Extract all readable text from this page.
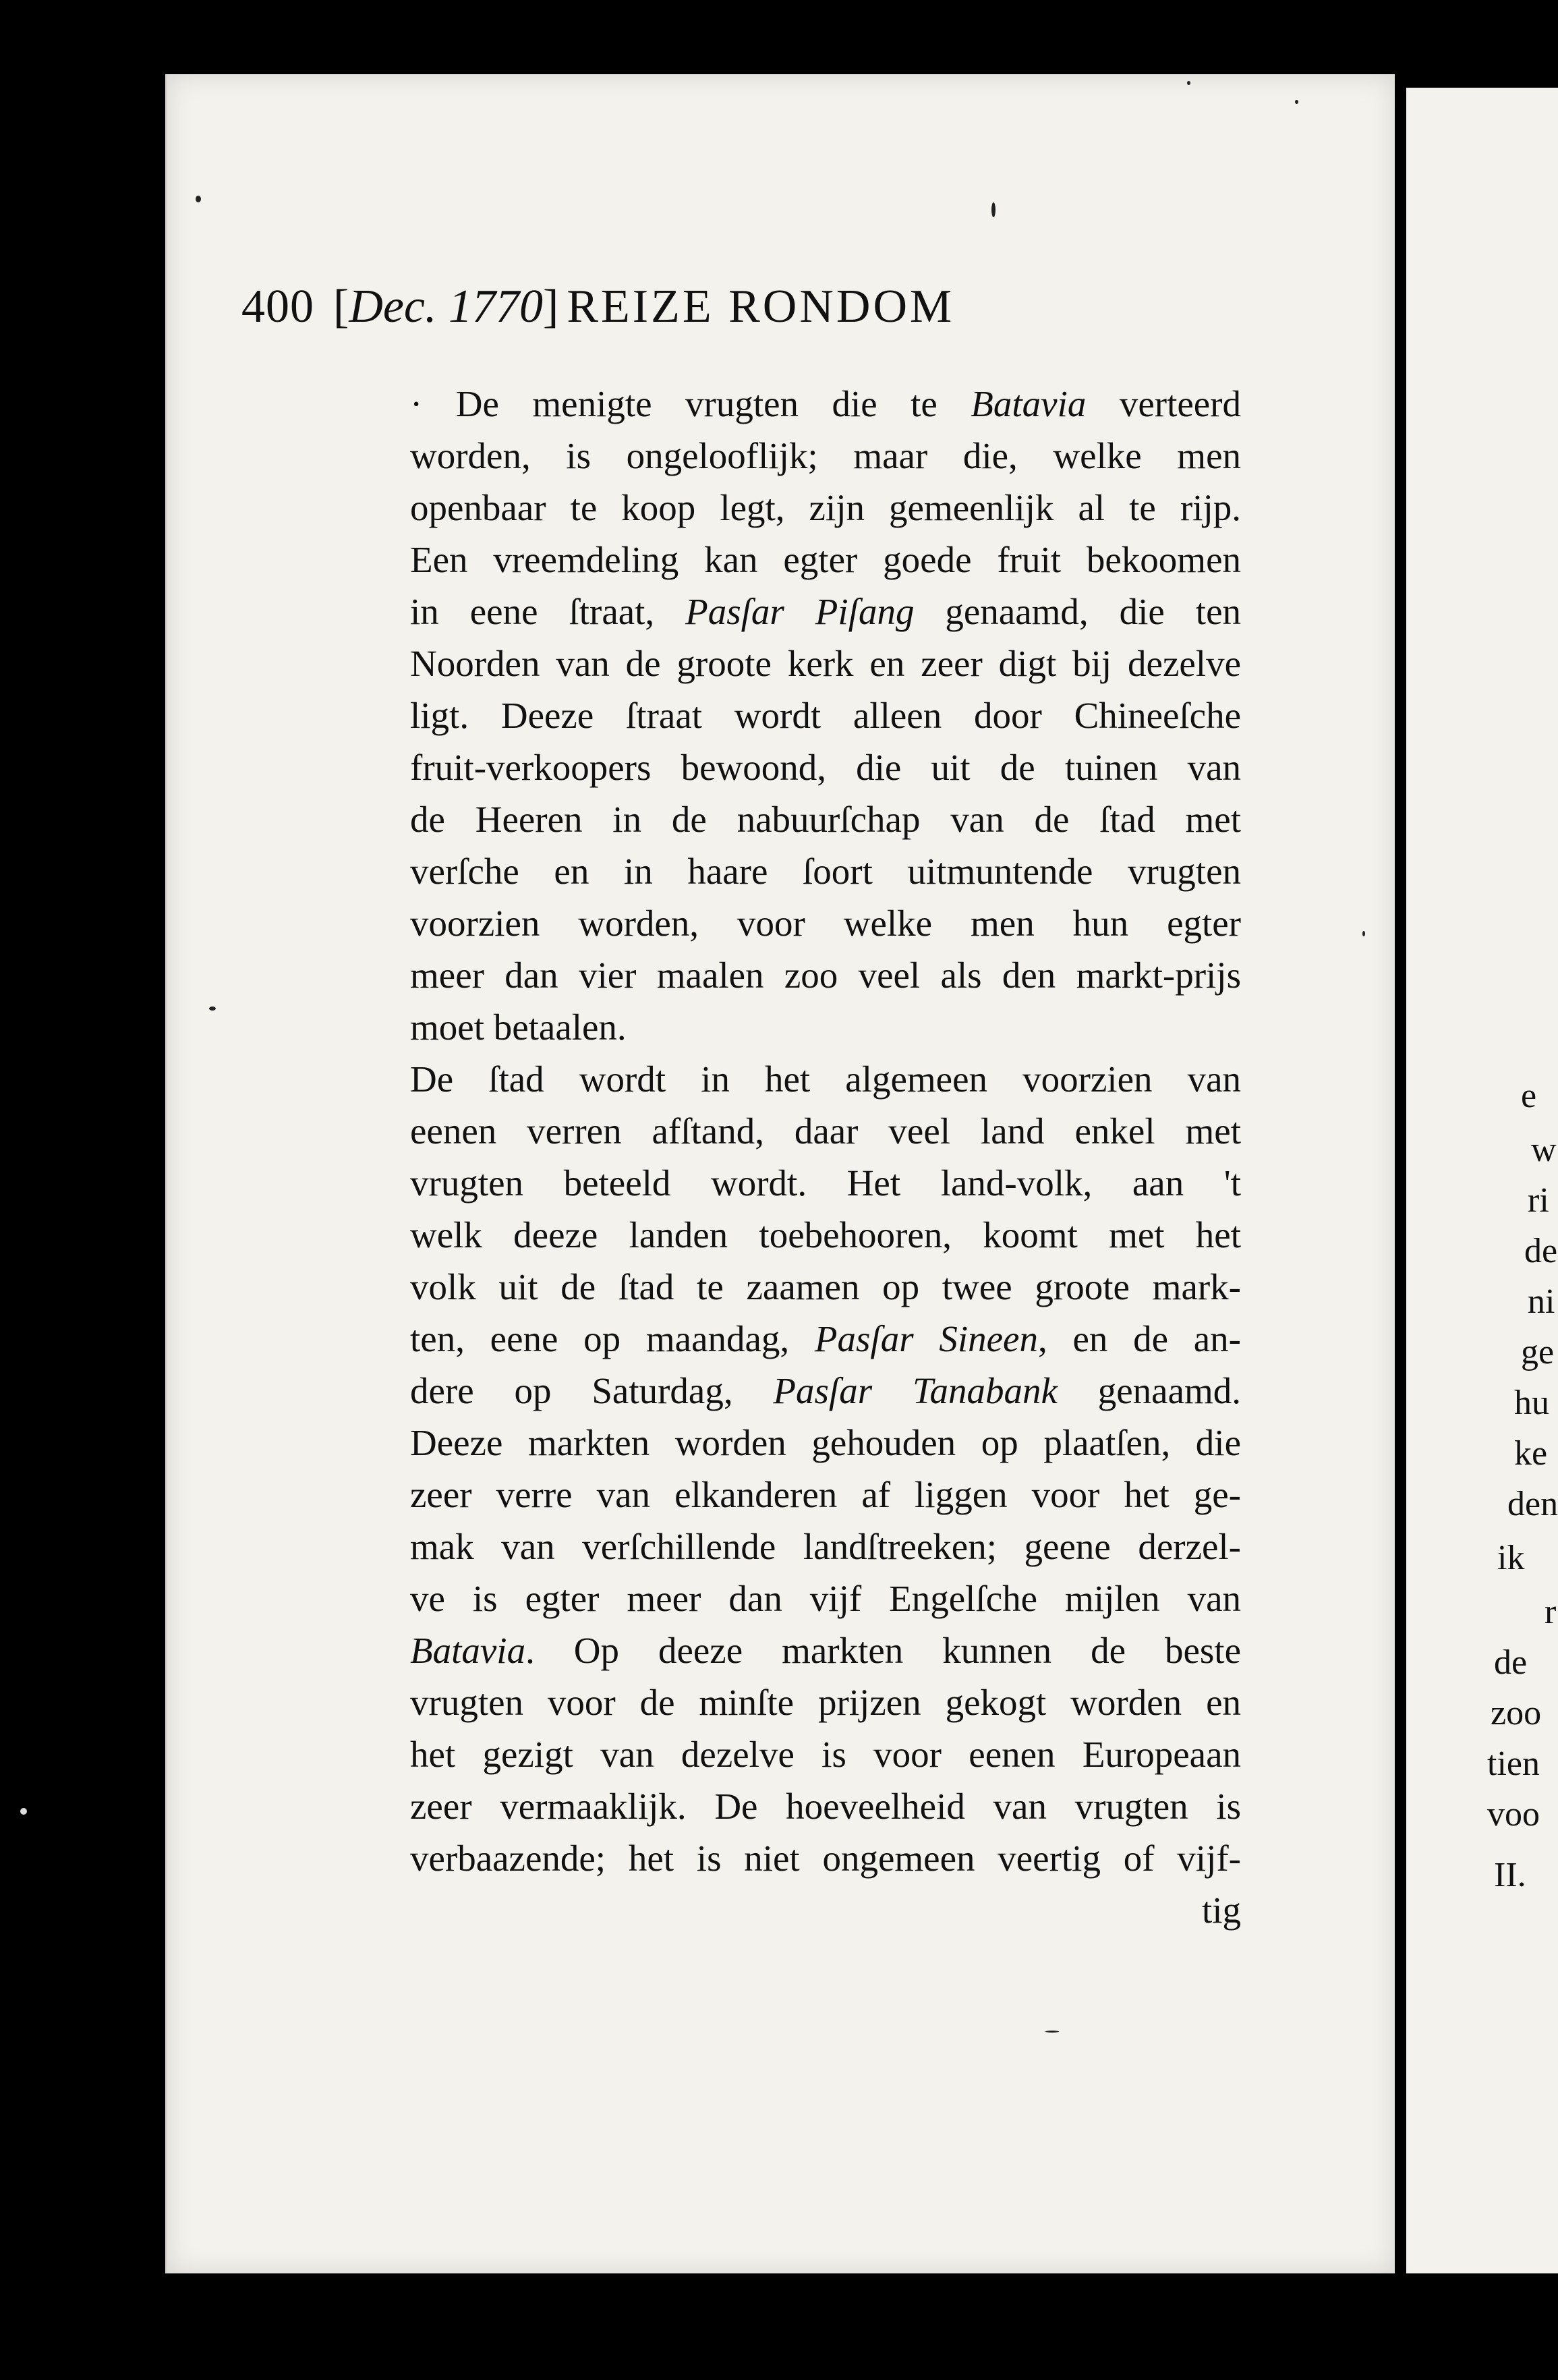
400 [Dec. 1770] REIZE RONDOM
· De menigte vrugten die te Batavia verteerd
worden, is ongelooflijk; maar die, welke men
openbaar te koop legt, zijn gemeenlijk al te rijp.
Een vreemdeling kan egter goede fruit bekoomen
in eene ſtraat, Pasſar Piſang genaamd, die ten
Noorden van de groote kerk en zeer digt bij dezelve
ligt. Deeze ſtraat wordt alleen door Chineeſche
fruit-verkoopers bewoond, die uit de tuinen van
de Heeren in de nabuurſchap van de ſtad met
verſche en in haare ſoort uitmuntende vrugten
voorzien worden, voor welke men hun egter
meer dan vier maalen zoo veel als den markt-prijs
moet betaalen.
De ſtad wordt in het algemeen voorzien van
eenen verren afſtand, daar veel land enkel met
vrugten beteeld wordt. Het land-volk, aan 't
welk deeze landen toebehooren, koomt met het
volk uit de ſtad te zaamen op twee groote mark-
ten, eene op maandag, Pasſar Sineen, en de an-
dere op Saturdag, Pasſar Tanabank genaamd.
Deeze markten worden gehouden op plaatſen, die
zeer verre van elkanderen af liggen voor het ge-
mak van verſchillende landſtreeken; geene derzel-
ve is egter meer dan vijf Engelſche mijlen van
Batavia. Op deeze markten kunnen de beste
vrugten voor de minſte prijzen gekogt worden en
het gezigt van dezelve is voor eenen Europeaan
zeer vermaaklijk. De hoeveelheid van vrugten is
verbaazende; het is niet ongemeen veertig of vijf-
tig
e
w
ri
de
ni
ge
hu
ke
den
ik
r
de
zoo
tien
voo
II.
